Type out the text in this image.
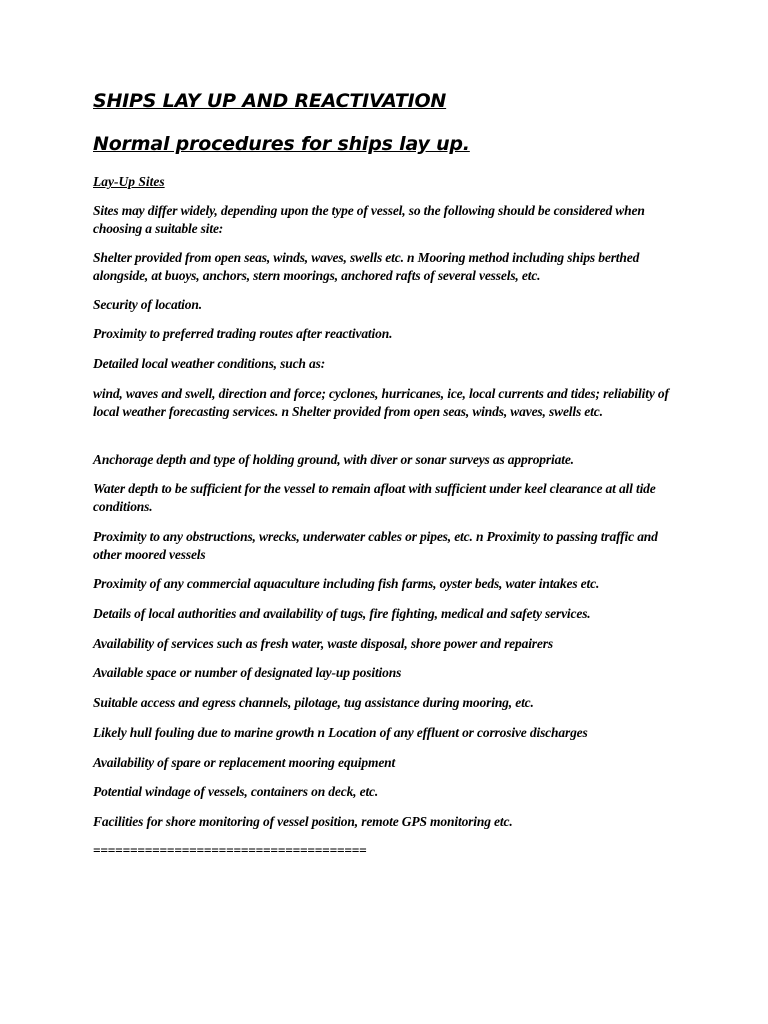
SHIPS LAY UP AND REACTIVATION
Normal procedures for ships lay up.
Lay-Up Sites

Sites may differ widely, depending upon the type of vessel, so the following should be considered when choosing a suitable site:

Shelter provided from open seas, winds, waves, swells etc. n Mooring method including ships berthed alongside, at buoys, anchors, stern moorings, anchored rafts of several vessels, etc.

Security of location.

Proximity to preferred trading routes after reactivation.

Detailed local weather conditions, such as:

wind, waves and swell, direction and force; cyclones, hurricanes, ice, local currents and tides; reliability of local weather forecasting services. n Shelter provided from open seas, winds, waves, swells etc.

Anchorage depth and type of holding ground, with diver or sonar surveys as appropriate.

Water depth to be sufficient for the vessel to remain afloat with sufficient under keel clearance at all tide conditions.

Proximity to any obstructions, wrecks, underwater cables or pipes, etc. n Proximity to passing traffic and other moored vessels

Proximity of any commercial aquaculture including fish farms, oyster beds, water intakes etc.

Details of local authorities and availability of tugs, fire fighting, medical and safety services.

Availability of services such as fresh water, waste disposal, shore power and repairers

Available space or number of designated lay-up positions

Suitable access and egress channels, pilotage, tug assistance during mooring, etc.

Likely hull fouling due to marine growth n Location of any effluent or corrosive discharges

Availability of spare or replacement mooring equipment

Potential windage of vessels, containers on deck, etc.

Facilities for shore monitoring of vessel position, remote GPS monitoring etc.

=====================================
